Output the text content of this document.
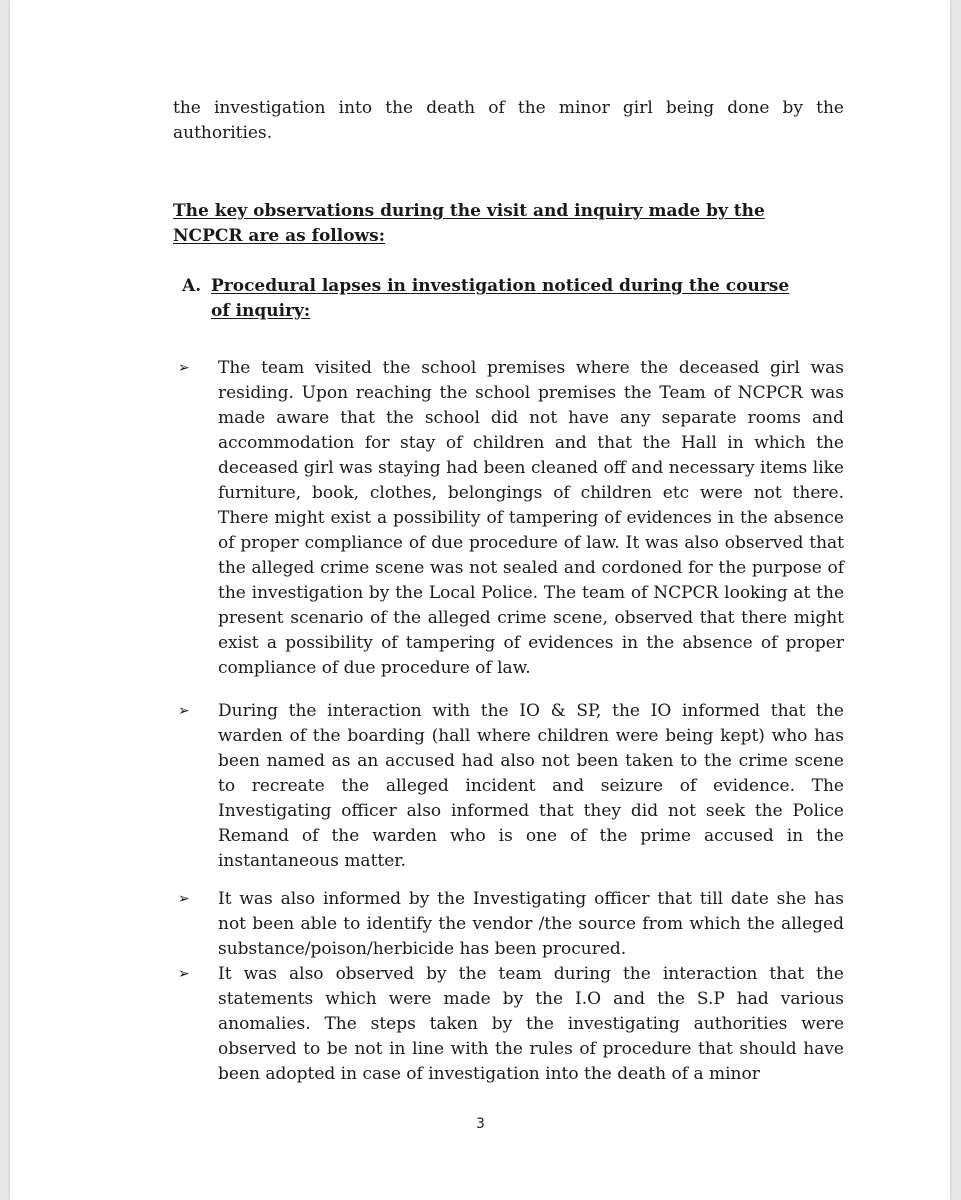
the investigation into the death of the minor girl being done by the authorities.

The key observations during the visit and inquiry made by the NCPCR are as follows:
A. Procedural lapses in investigation noticed during the course of inquiry:
➢	The team visited the school premises where the deceased girl was residing. Upon reaching the school premises the Team of NCPCR was made aware that the school did not have any separate rooms and accommodation for stay of children and that the Hall in which the deceased girl was staying had been cleaned off and necessary items like furniture, book, clothes, belongings of children etc were not there. There might exist a possibility of tampering of evidences in the absence of proper compliance of due procedure of law. It was also observed that the alleged crime scene was not sealed and cordoned for the purpose of the investigation by the Local Police. The team of NCPCR looking at the present scenario of the alleged crime scene, observed that there might exist a possibility of tampering of evidences in the absence of proper compliance of due procedure of law.
➢	During the interaction with the IO & SP, the IO informed that the warden of the boarding (hall where children were being kept) who has been named as an accused had also not been taken to the crime scene to recreate the alleged incident and seizure of evidence. The Investigating officer also informed that they did not seek the Police Remand of the warden who is one of the prime accused in the instantaneous matter.
➢	It was also informed by the Investigating officer that till date she has not been able to identify the vendor /the source from which the alleged substance/poison/herbicide has been procured.
➢	It was also observed by the team during the interaction that the statements which were made by the I.O and the S.P had various anomalies. The steps taken by the investigating authorities were observed to be not in line with the rules of procedure that should have been adopted in case of investigation into the death of a minor
3
